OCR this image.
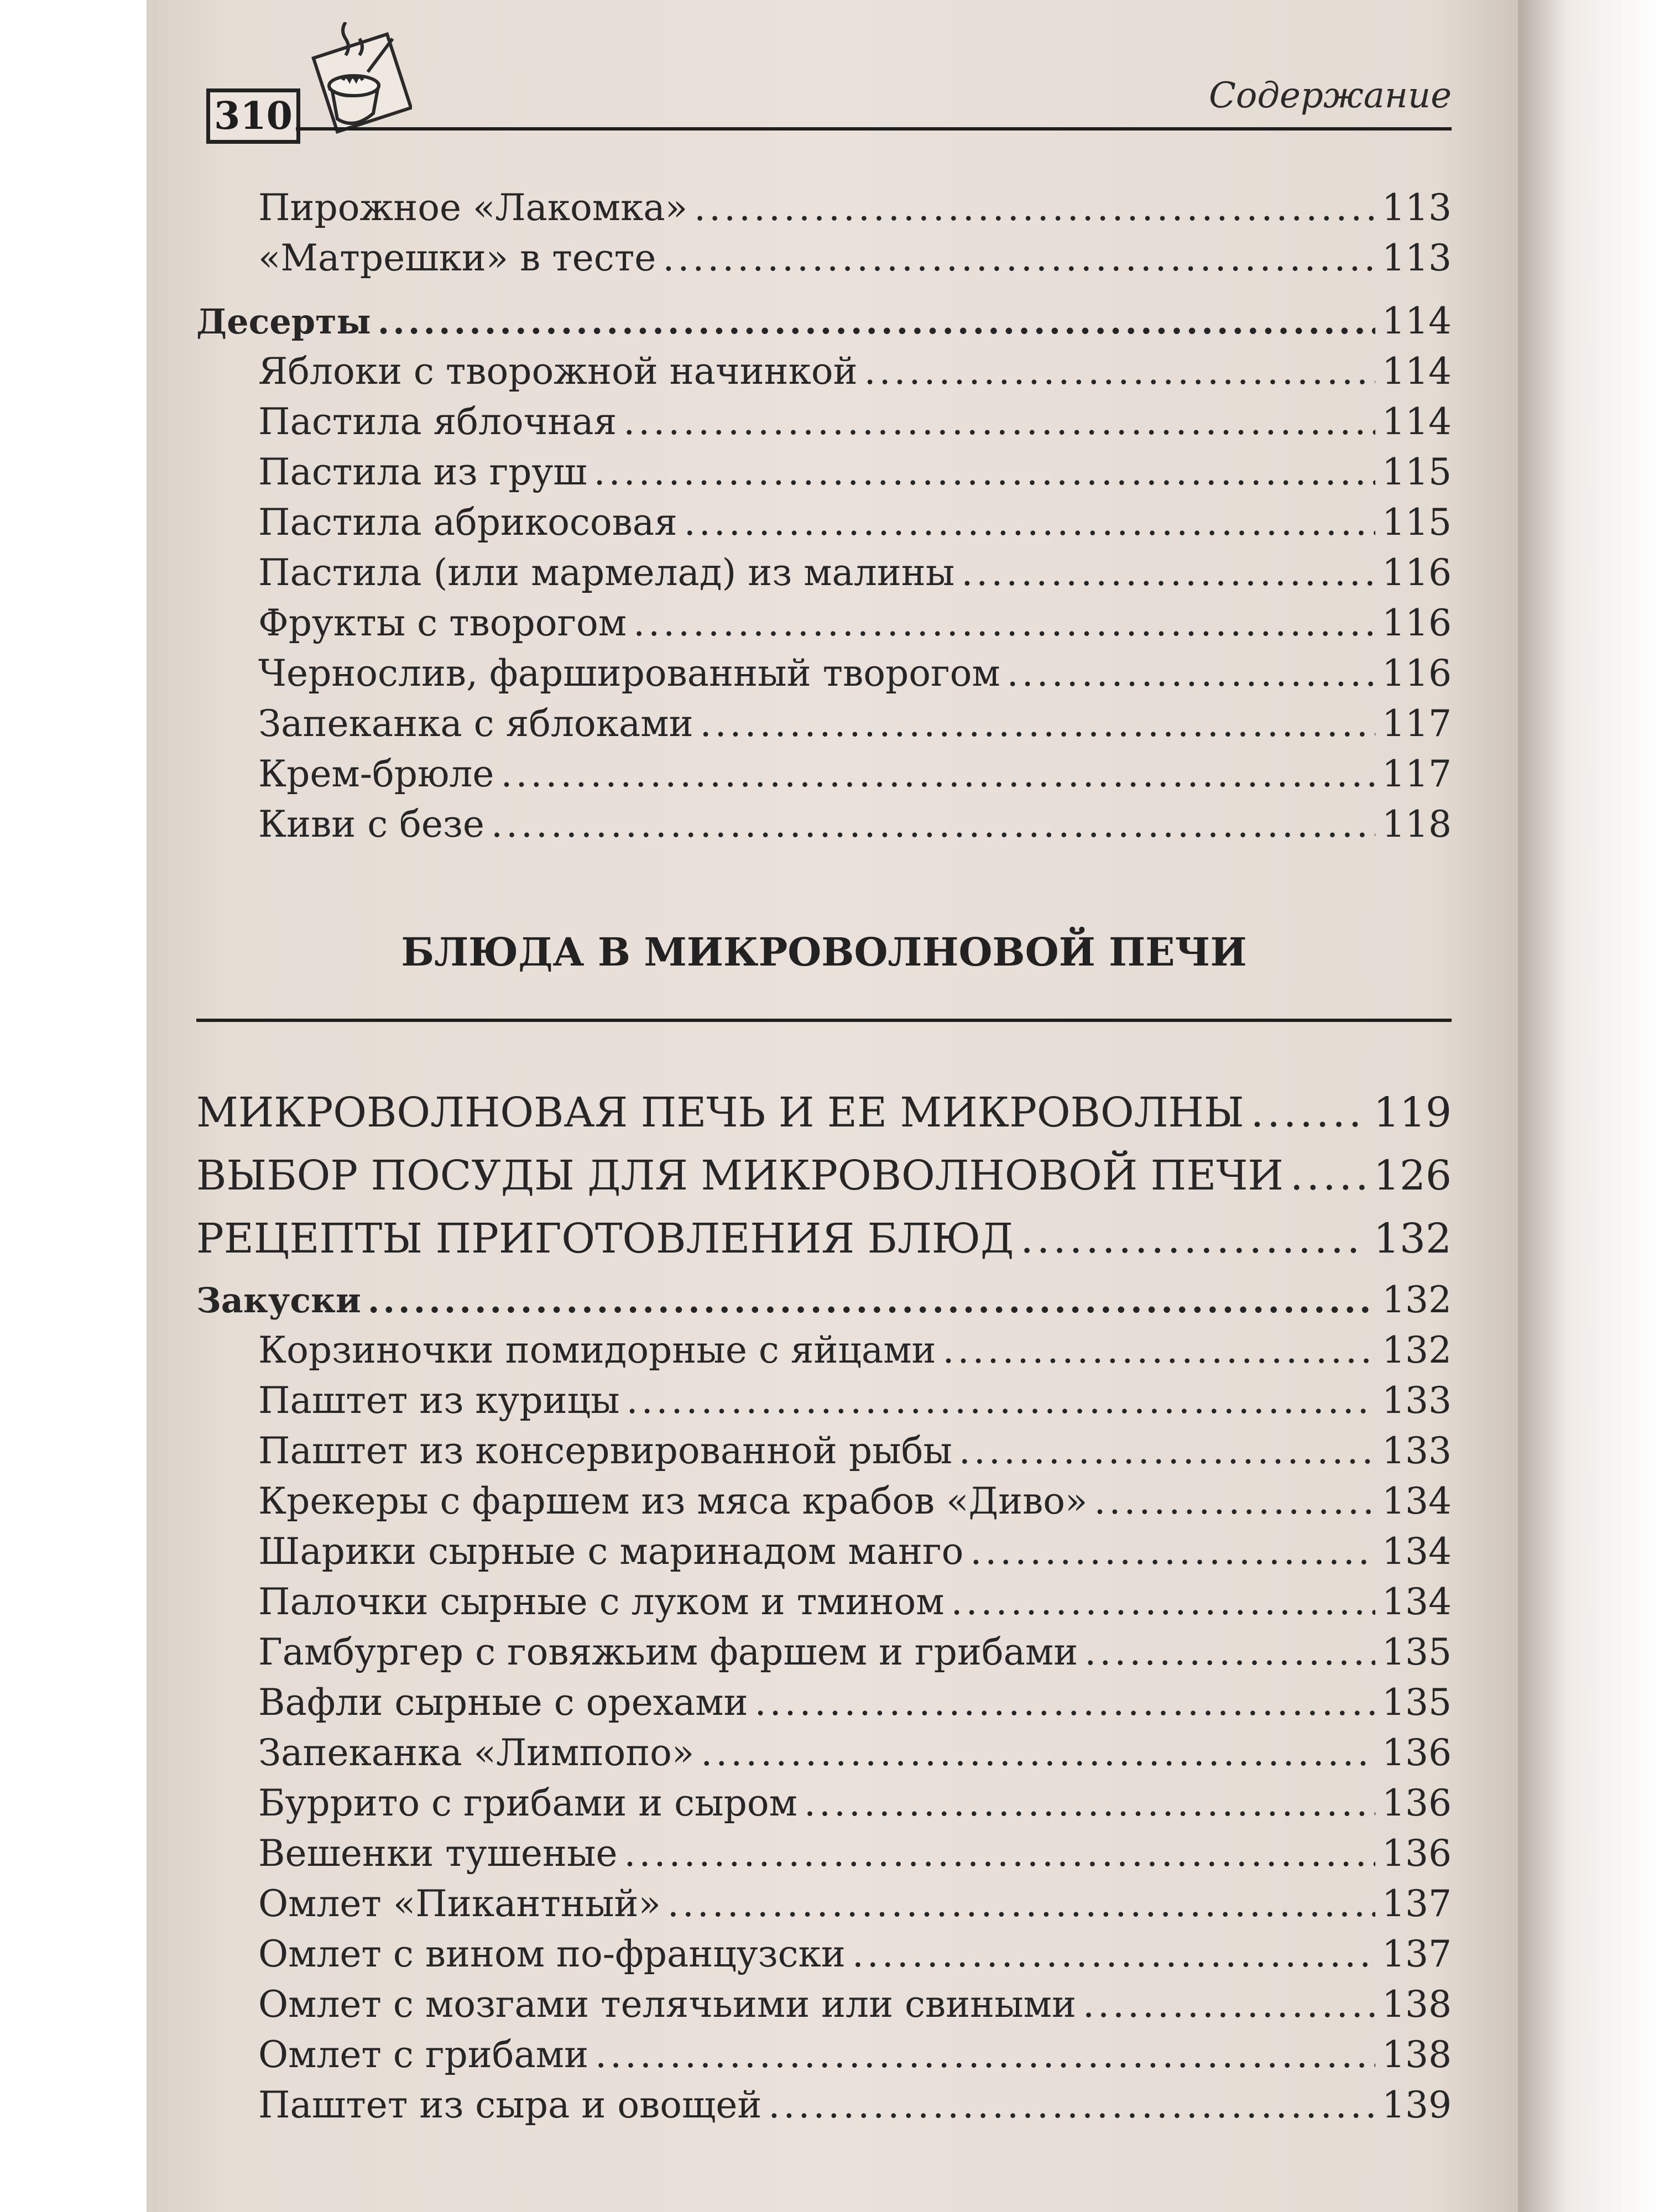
310	Содержание
Пирожное «Лакомка» .....	113
«Матрешки» в тесте .....	113
Десерты .....	114
Яблоки с творожной начинкой .....	114
Пастила яблочная .....	114
Пастила из груш .....	115
Пастила абрикосовая .....	115
Пастила (или мармелад) из малины .....	116
Фрукты с творогом .....	116
Чернослив, фаршированный творогом .....	116
Запеканка с яблоками .....	117
Крем-брюле .....	117
Киви с безе .....	118
БЛЮДА В МИКРОВОЛНОВОЙ ПЕЧИ
МИКРОВОЛНОВАЯ ПЕЧЬ И ЕЕ МИКРОВОЛНЫ .....	119
ВЫБОР ПОСУДЫ ДЛЯ МИКРОВОЛНОВОЙ ПЕЧИ ..... 126
РЕЦЕПТЫ ПРИГОТОВЛЕНИЯ БЛЮД .....	132
Закуски .....	132
Корзиночки помидорные с яйцами .....	132
Паштет из курицы .....	133
Паштет из консервированной рыбы .....	133
Крекеры с фаршем из мяса крабов «Диво» .....	134
Шарики сырные с маринадом манго .....	134
Палочки сырные с луком и тмином .....	134
Гамбургер с говяжьим фаршем и грибами .....	135
Вафли сырные с орехами .....	135
Запеканка «Лимпопо» .....	136
Буррито с грибами и сыром .....	136
Вешенки тушеные .....	136
Омлет «Пикантный» .....	137
Омлет с вином по-французски .....	137
Омлет с мозгами телячьими или свиными .....	138
Омлет с грибами .....	138
Паштет из сыра и овощей .....	139
